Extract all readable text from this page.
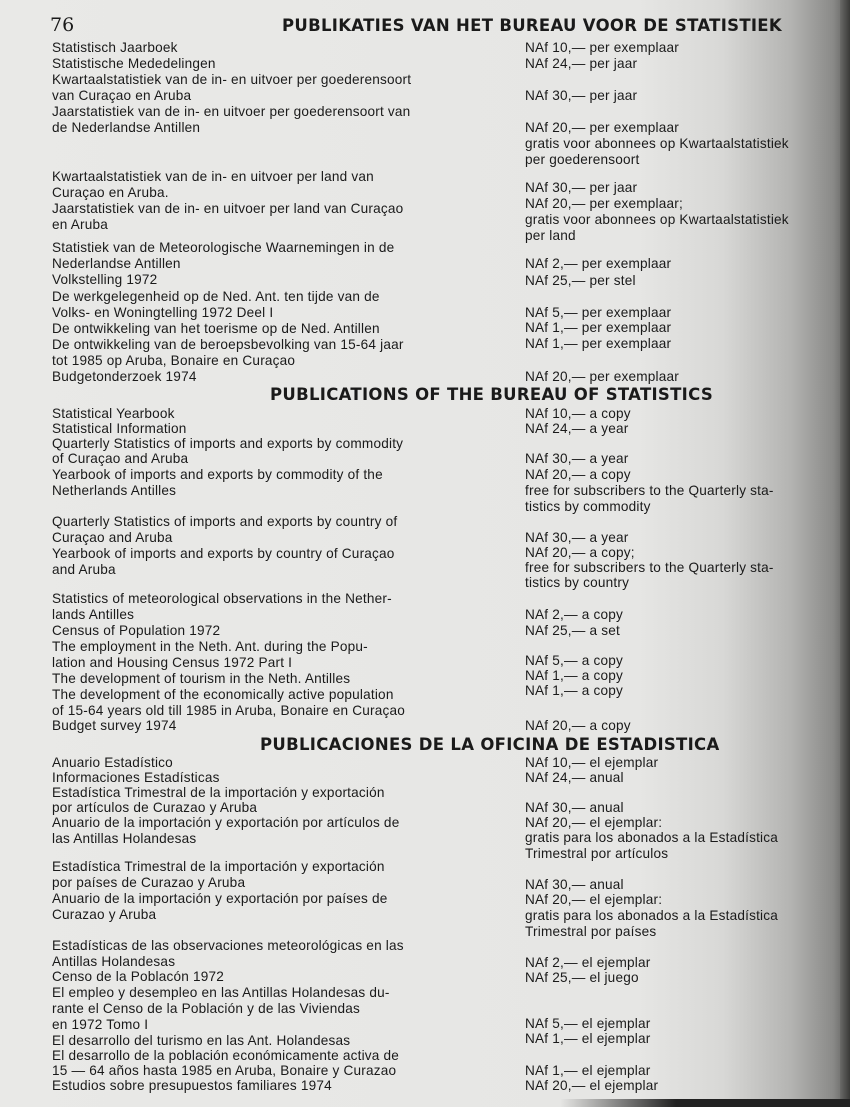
76	PUBLIKATIES VAN HET BUREAU VOOR DE STATISTIEK
Statistisch Jaarboek
Statistische Mededelingen
Kwartaalstatistiek van de in- en uitvoer per goederensoort
van Curaçao en Aruba
Jaarstatistiek van de in- en uitvoer per goederensoort van
de Nederlandse Antillen
Kwartaalstatistiek van de in- en uitvoer per land van
Curaçao en Aruba.
Jaarstatistiek van de in- en uitvoer per land van Curaçao
en Aruba
Statistiek van de Meteorologische Waarnemingen in de
Nederlandse Antillen
Volkstelling 1972
De werkgelegenheid op de Ned. Ant. ten tijde van de
Volks- en Woningtelling 1972 Deel I
De ontwikkeling van het toerisme op de Ned. Antillen
De ontwikkeling van de beroepsbevolking van 15-64 jaar
tot 1985 op Aruba, Bonaire en Curaçao
Budgetonderzoek 1974
NAf 10,— per exemplaar
NAf 24,— per jaar
NAf 30,— per jaar
NAf 20,— per exemplaar
gratis voor abonnees op Kwartaalstatistiek
per goederensoort
NAf 30,— per jaar
NAf 20,— per exemplaar;
gratis voor abonnees op Kwartaalstatistiek
per land
NAf 2,— per exemplaar
NAf 25,— per stel
NAf 5,— per exemplaar
NAf 1,— per exemplaar
NAf 1,— per exemplaar
NAf 20,— per exemplaar
PUBLICATIONS OF THE BUREAU OF STATISTICS
Statistical Yearbook
Statistical Information
Quarterly Statistics of imports and exports by commodity
of Curaçao and Aruba
Yearbook of imports and exports by commodity of the
Netherlands Antilles
Quarterly Statistics of imports and exports by country of
Curaçao and Aruba
Yearbook of imports and exports by country of Curaçao
and Aruba
Statistics of meteorological observations in the Nether-
lands Antilles
Census of Population 1972
The employment in the Neth. Ant. during the Popu-
lation and Housing Census 1972 Part I
The development of tourism in the Neth. Antilles
The development of the economically active population
of 15-64 years old till 1985 in Aruba, Bonaire en Curaçao
Budget survey 1974
NAf 10,— a copy
NAf 24,— a year
NAf 30,— a year
NAf 20,— a copy
free for subscribers to the Quarterly sta-
tistics by commodity
NAf 30,— a year
NAf 20,— a copy;
free for subscribers to the Quarterly sta-
tistics by country
NAf 2,— a copy
NAf 25,— a set
NAf 5,— a copy
NAf 1,— a copy
NAf 1,— a copy
NAf 20,— a copy
PUBLICACIONES DE LA OFICINA DE ESTADISTICA
Anuario Estadístico
Informaciones Estadísticas
Estadística Trimestral de la importación y exportación
por artículos de Curazao y Aruba
Anuario de la importación y exportación por artículos de
las Antillas Holandesas
Estadística Trimestral de la importación y exportación
por países de Curazao y Aruba
Anuario de la importación y exportación por países de
Curazao y Aruba
Estadísticas de las observaciones meteorológicas en las
Antillas Holandesas
Censo de la Poblacón 1972
El empleo y desempleo en las Antillas Holandesas du-
rante el Censo de la Población y de las Viviendas
en 1972 Tomo I
El desarrollo del turismo en las Ant. Holandesas
El desarrollo de la población económicamente activa de
15 — 64 años hasta 1985 en Aruba, Bonaire y Curazao
Estudios sobre presupuestos familiares 1974
NAf 10,— el ejemplar
NAf 24,— anual
NAf 30,— anual
NAf 20,— el ejemplar:
gratis para los abonados a la Estadística
Trimestral por artículos
NAf 30,— anual
NAf 20,— el ejemplar:
gratis para los abonados a la Estadística
Trimestral por países
NAf 2,— el ejemplar
NAf 25,— el juego
NAf 5,— el ejemplar
NAf 1,— el ejemplar
NAf 1,— el ejemplar
NAf 20,— el ejemplar
